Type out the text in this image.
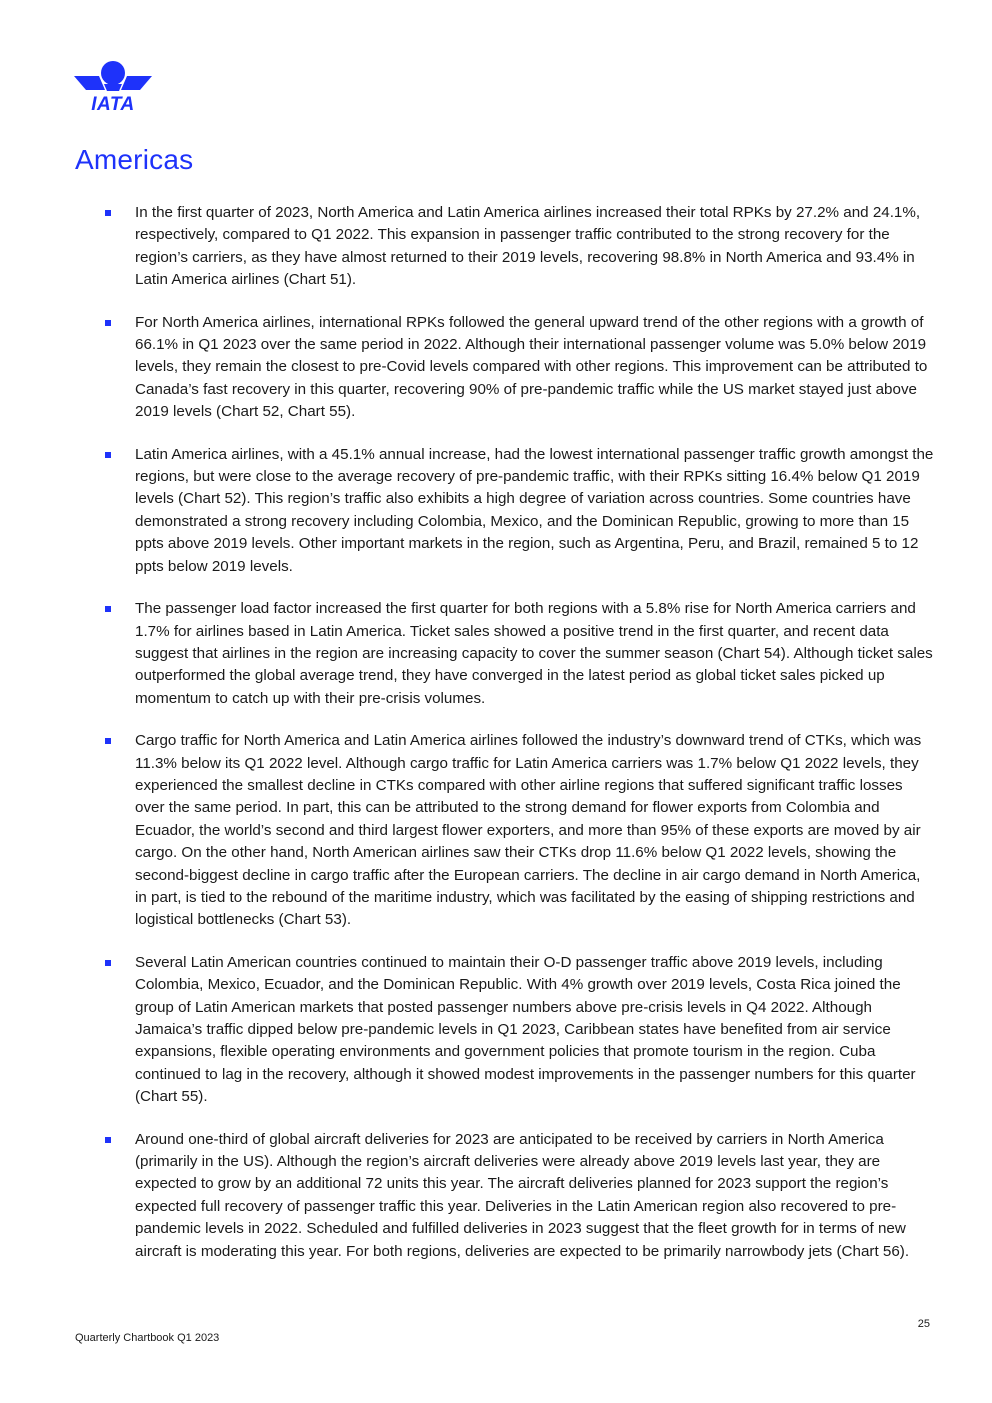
IATA
Americas
In the first quarter of 2023, North America and Latin America airlines increased their total RPKs by 27.2% and 24.1%, respectively, compared to Q1 2022. This expansion in passenger traffic contributed to the strong recovery for the region’s carriers, as they have almost returned to their 2019 levels, recovering 98.8% in North America and 93.4% in Latin America airlines (Chart 51).
For North America airlines, international RPKs followed the general upward trend of the other regions with a growth of 66.1% in Q1 2023 over the same period in 2022. Although their international passenger volume was 5.0% below 2019 levels, they remain the closest to pre-Covid levels compared with other regions. This improvement can be attributed to Canada’s fast recovery in this quarter, recovering 90% of pre-pandemic traffic while the US market stayed just above 2019 levels (Chart 52, Chart 55).
Latin America airlines, with a 45.1% annual increase, had the lowest international passenger traffic growth amongst the regions, but were close to the average recovery of pre-pandemic traffic, with their RPKs sitting 16.4% below Q1 2019 levels (Chart 52). This region’s traffic also exhibits a high degree of variation across countries. Some countries have demonstrated a strong recovery including Colombia, Mexico, and the Dominican Republic, growing to more than 15 ppts above 2019 levels. Other important markets in the region, such as Argentina, Peru, and Brazil, remained 5 to 12 ppts below 2019 levels.
The passenger load factor increased the first quarter for both regions with a 5.8% rise for North America carriers and 1.7% for airlines based in Latin America. Ticket sales showed a positive trend in the first quarter, and recent data suggest that airlines in the region are increasing capacity to cover the summer season (Chart 54). Although ticket sales outperformed the global average trend, they have converged in the latest period as global ticket sales picked up momentum to catch up with their pre-crisis volumes.
Cargo traffic for North America and Latin America airlines followed the industry’s downward trend of CTKs, which was 11.3% below its Q1 2022 level. Although cargo traffic for Latin America carriers was 1.7% below Q1 2022 levels, they experienced the smallest decline in CTKs compared with other airline regions that suffered significant traffic losses over the same period. In part, this can be attributed to the strong demand for flower exports from Colombia and Ecuador, the world’s second and third largest flower exporters, and more than 95% of these exports are moved by air cargo. On the other hand, North American airlines saw their CTKs drop 11.6% below Q1 2022 levels, showing the second-biggest decline in cargo traffic after the European carriers. The decline in air cargo demand in North America, in part, is tied to the rebound of the maritime industry, which was facilitated by the easing of shipping restrictions and logistical bottlenecks (Chart 53).
Several Latin American countries continued to maintain their O-D passenger traffic above 2019 levels, including Colombia, Mexico, Ecuador, and the Dominican Republic. With 4% growth over 2019 levels, Costa Rica joined the group of Latin American markets that posted passenger numbers above pre-crisis levels in Q4 2022. Although Jamaica’s traffic dipped below pre-pandemic levels in Q1 2023, Caribbean states have benefited from air service expansions, flexible operating environments and government policies that promote tourism in the region. Cuba continued to lag in the recovery, although it showed modest improvements in the passenger numbers for this quarter (Chart 55).
Around one-third of global aircraft deliveries for 2023 are anticipated to be received by carriers in North America (primarily in the US). Although the region’s aircraft deliveries were already above 2019 levels last year, they are expected to grow by an additional 72 units this year. The aircraft deliveries planned for 2023 support the region’s expected full recovery of passenger traffic this year. Deliveries in the Latin American region also recovered to pre-pandemic levels in 2022. Scheduled and fulfilled deliveries in 2023 suggest that the fleet growth for in terms of new aircraft is moderating this year. For both regions, deliveries are expected to be primarily narrowbody jets (Chart 56).
25
Quarterly Chartbook Q1 2023
